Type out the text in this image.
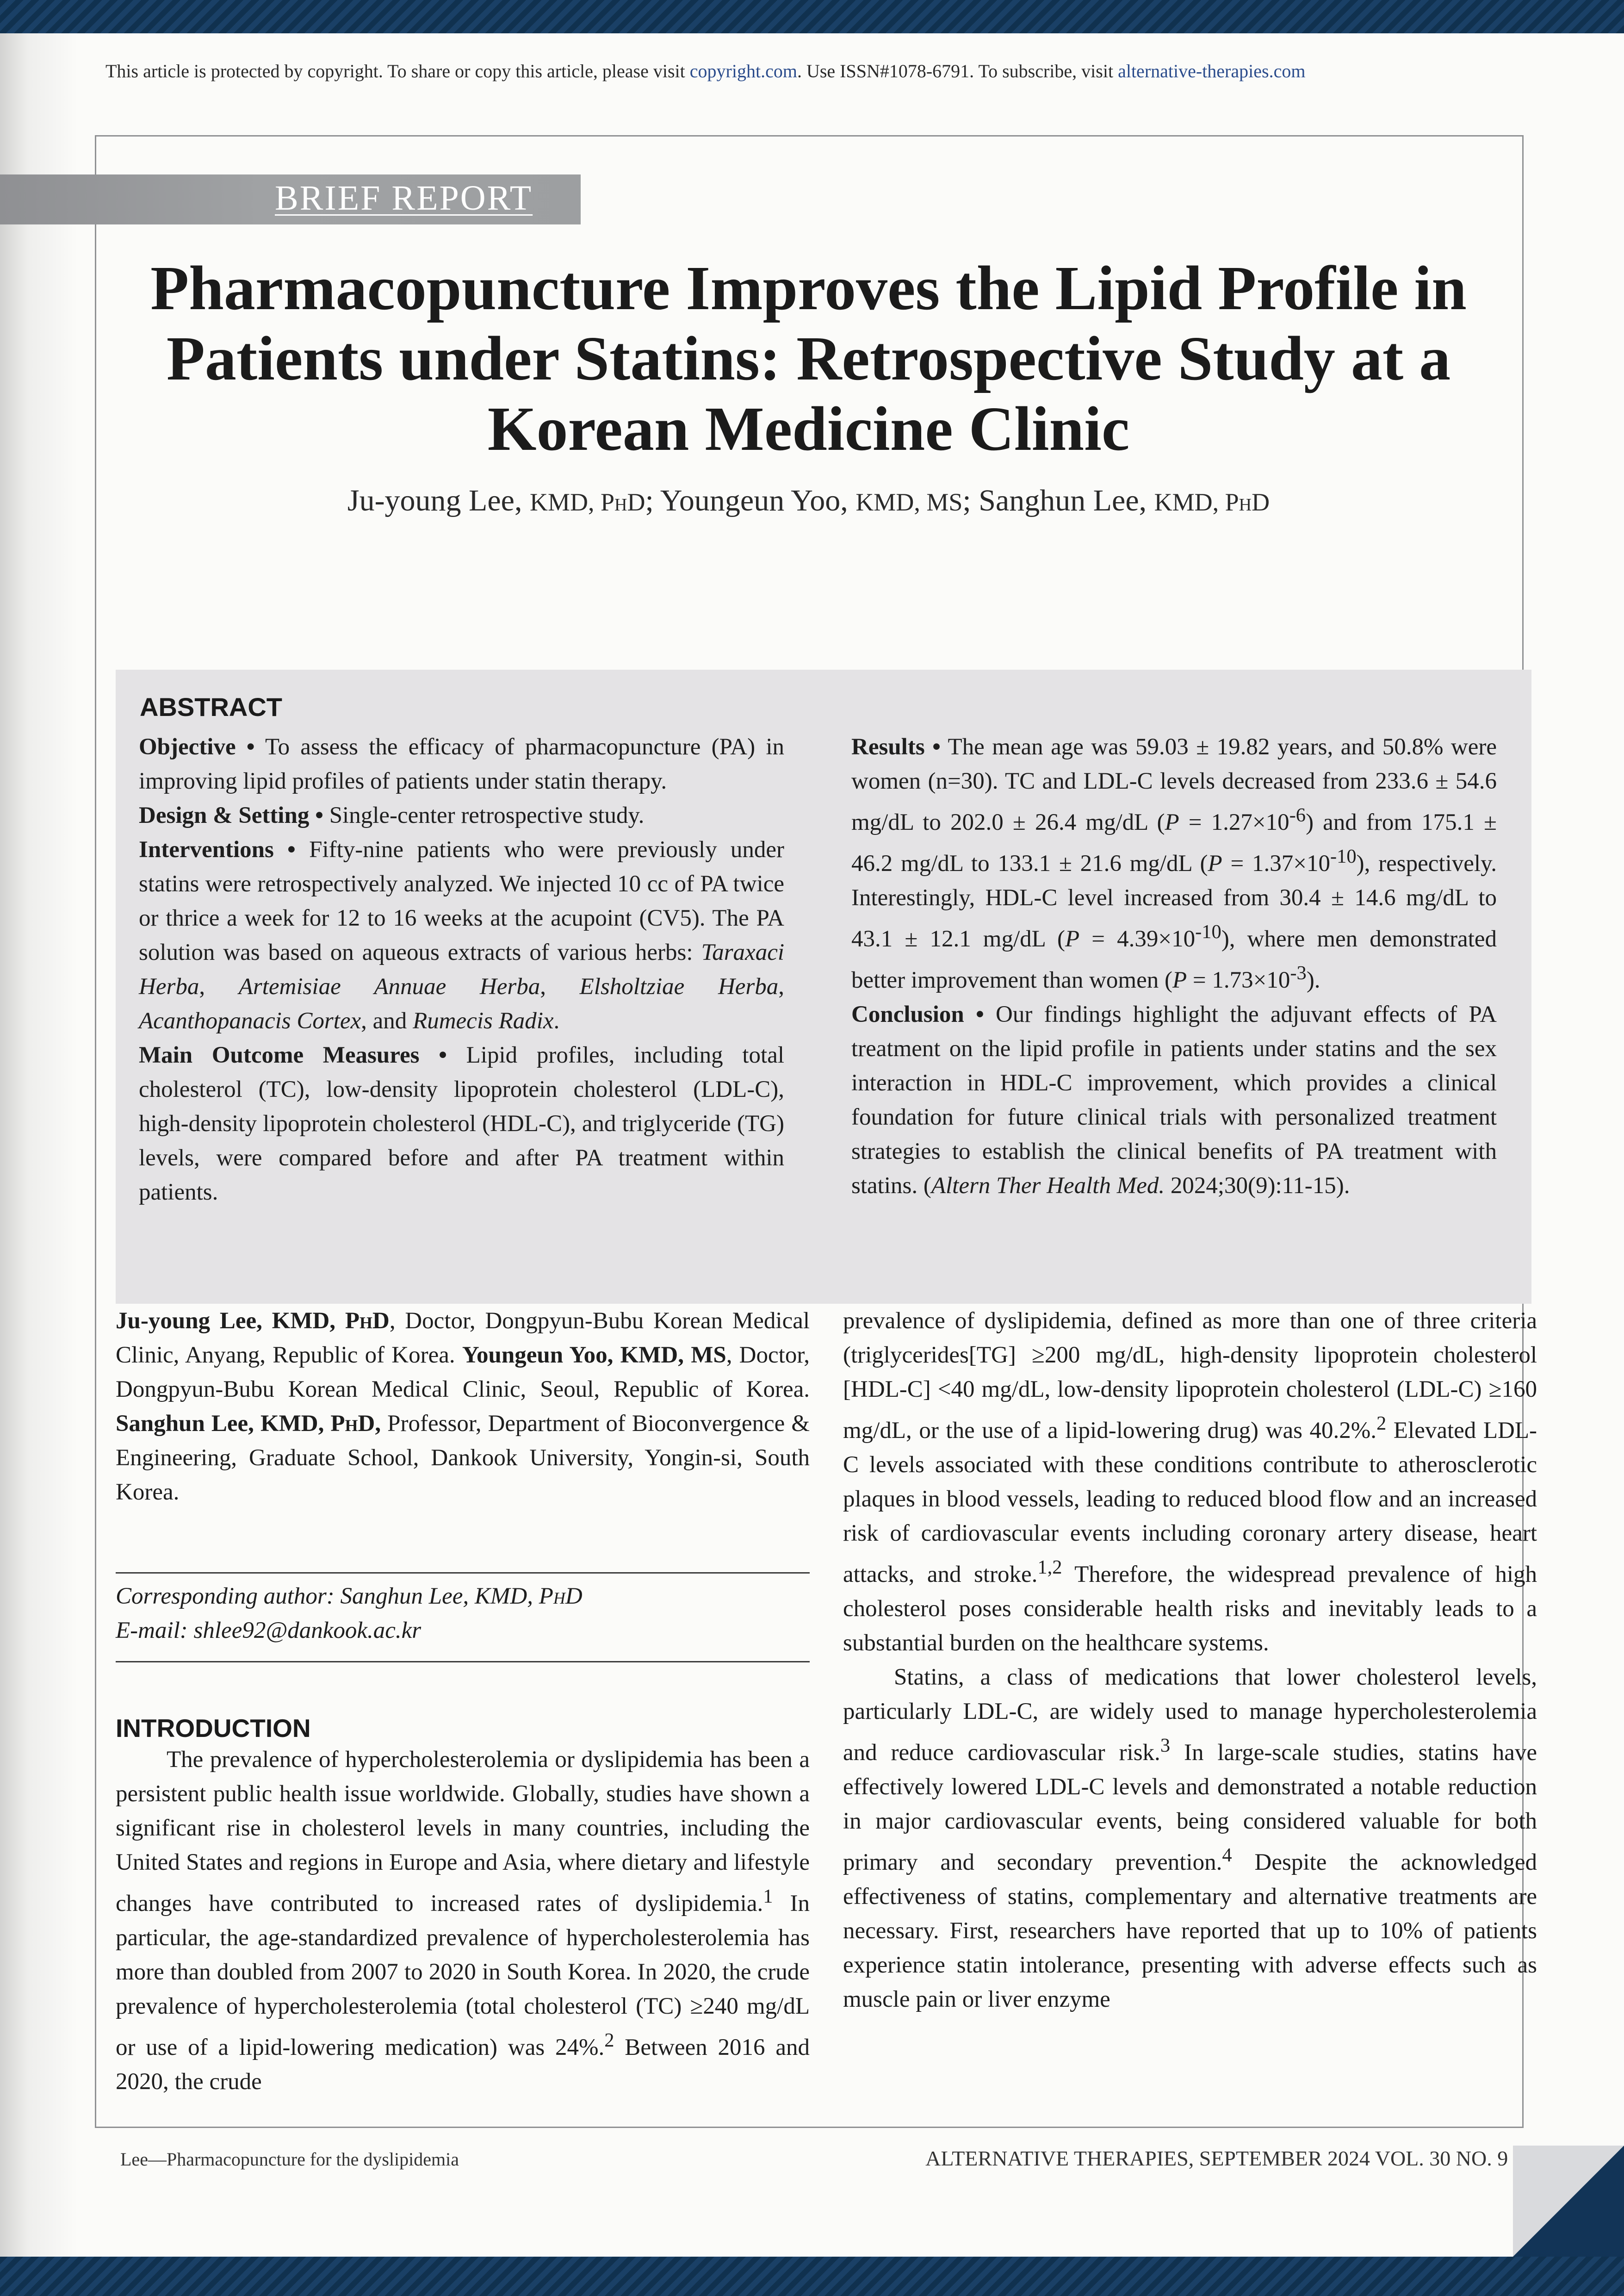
This article is protected by copyright. To share or copy this article, please visit copyright.com. Use ISSN#1078-6791. To subscribe, visit alternative-therapies.com
BRIEF REPORT
Pharmacopuncture Improves the Lipid Profile in
Patients under Statins: Retrospective Study at a
Korean Medicine Clinic
Ju-young Lee, KMD, PhD; Youngeun Yoo, KMD, MS; Sanghun Lee, KMD, PhD
ABSTRACT

Objective • To assess the efficacy of pharmacopuncture (PA) in improving lipid profiles of patients under statin therapy.

Design & Setting • Single-center retrospective study.

Interventions • Fifty-nine patients who were previously under statins were retrospectively analyzed. We injected 10 cc of PA twice or thrice a week for 12 to 16 weeks at the acupoint (CV5). The PA solution was based on aqueous extracts of various herbs: Taraxaci Herba, Artemisiae Annuae Herba, Elsholtziae Herba, Acanthopanacis Cortex, and Rumecis Radix.

Main Outcome Measures • Lipid profiles, including total cholesterol (TC), low-density lipoprotein cholesterol (LDL-C), high-density lipoprotein cholesterol (HDL-C), and triglyceride (TG) levels, were compared before and after PA treatment within patients.

Results • The mean age was 59.03 ± 19.82 years, and 50.8% were women (n=30). TC and LDL-C levels decreased from 233.6 ± 54.6 mg/dL to 202.0 ± 26.4 mg/dL $(P = 1.27\times 10^{-6})$ and from 175.1 ± 46.2 mg/dL to 133.1 ± 21.6 mg/dL $(P = 1.37\times 10^{-10})$, respectively. Interestingly, HDL-C level increased from 30.4 ± 14.6 mg/dL to 43.1 ± 12.1 mg/dL $(P = 4.39\times 10^{-10})$, where men demonstrated better improvement than women $(P = 1.73\times 10^{-3})$.

Conclusion • Our findings highlight the adjuvant effects of PA treatment on the lipid profile in patients under statins and the sex interaction in HDL-C improvement, which provides a clinical foundation for future clinical trials with personalized treatment strategies to establish the clinical benefits of PA treatment with statins. (Altern Ther Health Med. 2024;30(9):11-15).

Ju-young Lee, KMD, PhD, Doctor, Dongpyun-Bubu Korean Medical Clinic, Anyang, Republic of Korea. Youngeun Yoo, KMD, MS, Doctor, Dongpyun-Bubu Korean Medical Clinic, Seoul, Republic of Korea. Sanghun Lee, KMD, PhD, Professor, Department of Bioconvergence & Engineering, Graduate School, Dankook University, Yongin-si, South Korea.

Corresponding author: Sanghun Lee, KMD, PhD

E-mail: shlee92@dankook.ac.kr

INTRODUCTION

The prevalence of hypercholesterolemia or dyslipidemia has been a persistent public health issue worldwide. Globally, studies have shown a significant rise in cholesterol levels in many countries, including the United States and regions in Europe and Asia, where dietary and lifestyle changes have contributed to increased rates of dyslipidemia.$^1$ In particular, the age-standardized prevalence of hypercholesterolemia has more than doubled from 2007 to 2020 in South Korea. In 2020, the crude prevalence of hypercholesterolemia (total cholesterol (TC) ≥240 mg/dL or use of a lipid-lowering medication) was 24%.$^2$ Between 2016 and 2020, the crude

prevalence of dyslipidemia, defined as more than one of three criteria (triglycerides[TG] ≥200 mg/dL, high-density lipoprotein cholesterol [HDL-C] <40 mg/dL, low-density lipoprotein cholesterol (LDL-C) ≥160 mg/dL, or the use of a lipid-lowering drug) was 40.2%.$^2$ Elevated LDL-C levels associated with these conditions contribute to atherosclerotic plaques in blood vessels, leading to reduced blood flow and an increased risk of cardiovascular events including coronary artery disease, heart attacks, and stroke.$^{1,2}$ Therefore, the widespread prevalence of high cholesterol poses considerable health risks and inevitably leads to a substantial burden on the healthcare systems.

Statins, a class of medications that lower cholesterol levels, particularly LDL-C, are widely used to manage hypercholesterolemia and reduce cardiovascular risk.$^3$ In large-scale studies, statins have effectively lowered LDL-C levels and demonstrated a notable reduction in major cardiovascular events, being considered valuable for both primary and secondary prevention.$^4$ Despite the acknowledged effectiveness of statins, complementary and alternative treatments are necessary. First, researchers have reported that up to 10% of patients experience statin intolerance, presenting with adverse effects such as muscle pain or liver enzyme

Lee—Pharmacopuncture for the dyslipidemia	ALTERNATIVE THERAPIES, SEPTEMBER 2024 VOL. 30 NO. 9 11
